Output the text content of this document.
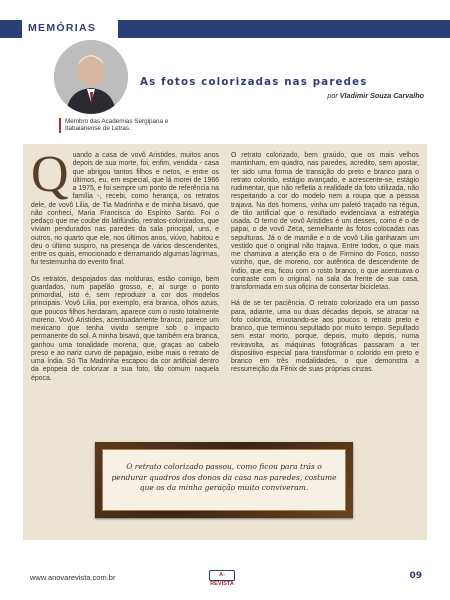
MEMÓRIAS
Membro das Academias Sergipana e Itabaianense de Letras.
As fotos colorizadas nas paredes
por Vladimir Souza Carvalho

Quando a casa de vovô Aristides, muitos anos depois de sua morte, foi, enfim, vendida - casa que abrigou tantos filhos e netos, e entre os últimos, eu, em especial, que lá morei de 1966 a 1975, e foi sempre um ponto de referência na família -, recebi, como herança, os retratos dele, de vovô Lilia, de Tia Madrinha e de minha bisavó, que não conheci, Maria Francisca do Espírito Santo. Foi o pedaço que me coube do latifúndio, retratos-colorizados, que viviam pendurados nas paredes da sala principal, uns, e outros, no quarto que ele, nos últimos anos, viúvo, habitou e deu o último suspiro, na presença de vários descendentes, entre os quais, emocionado e derramando algumas lágrimas, fui testemunha do evento final.

Os retratos, despojados das molduras, estão comigo, bem guardados, num papelão grosso, e, aí surge o ponto primordial, isto é, sem reproduzir a cor dos modelos principais. Vovô Lilia, por exemplo, era branca, olhos azuis, que poucos filhos herdaram, aparece com o rosto totalmente moreno. Vovô Aristides, acentuadamente branco, parece um mexicano que tenha vivido sempre sob o impacto permanente do sol. A minha bisavó, que também era branca, ganhou uma tonalidade morena, que, graças ao cabelo preso e ao nariz curvo de papagaio, exibe mais o retrato de uma índia. Só Tia Madrinha escapou da cor artificial dentro da epopeia de colorizar a sua foto, tão comum naquela época.

O retrato colorizado, bem graúdo, que os mais velhos mantinham, em quadro, nas paredes, acredito, sem apostar, ter sido uma forma de transição do preto e branco para o retrato colorido, estágio avançado, e acrescente-se, estágio rudimentar, que não refletia a realidade da foto utilizada, não respeitando a cor do modelo nem a roupa que a pessoa trajava. Na dos homens, vinha um paletó traçado na régua, de tão artificial que o resultado evidenciava a estratégia usada. O terno de vovô Aristides é um desses, como é o de papai, o de vovô Zeca, semelhante às fotos colocadas nas sepulturas. Já o de mamãe e o de vovô Lilia ganharam um vestido que o original não trajava. Entre todos, o que mais me chamava a atenção era o de Firmino do Fosco, nosso vizinho, que, de moreno, cor autêntica de descendente de índio, que era, ficou com o rosto branco, o que acentuava o contraste com o original, na sala da frente de sua casa, transformada em sua oficina de consertar bicicletas.

Há de se ter paciência. O retrato colorizado era um passo para, adiante, uma ou duas décadas depois, se atracar na foto colorida, enxotando-se aos poucos o retrato preto e branco, que terminou sepultado por muito tempo. Sepultado sem estar morto, porque, depois, muito depois, numa reviravolta, as máquinas fotográficas passaram a ter dispositivo especial para transformar o colorido em preto e branco em três modalidades, o que demonstra a ressurreição da Fênix de suas próprias cinzas.

O retrato colorizado passou, como ficou para trás o pendurar quadros dos donos da casa nas paredes, costume que os da minha geração muito conviveram.
www.anovarevista.com.br	A-REVISTA
09
